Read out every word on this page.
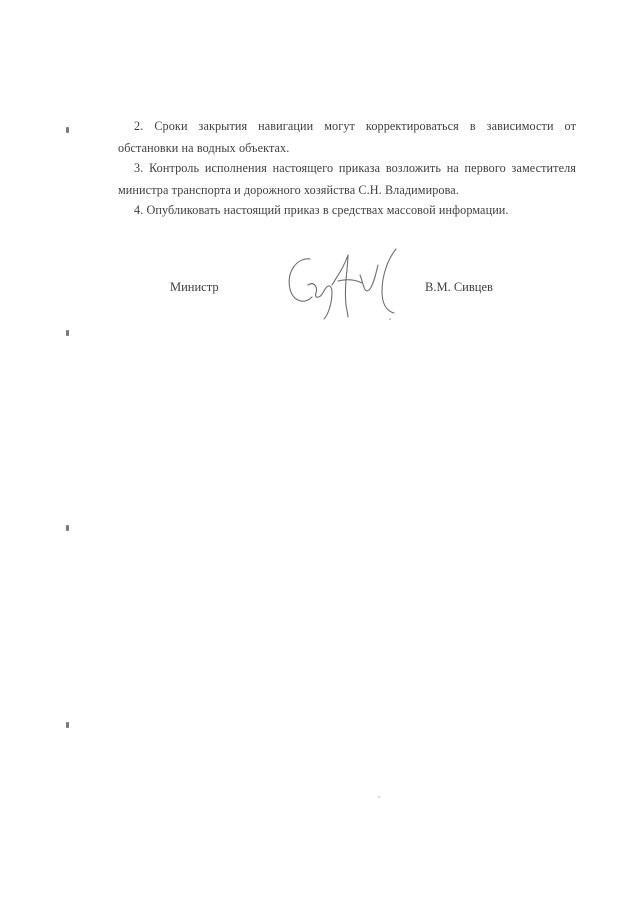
2. Сроки закрытия навигации могут корректироваться в зависимости от обстановки на водных объектах.
3. Контроль исполнения настоящего приказа возложить на первого заместителя министра транспорта и дорожного хозяйства С.Н. Владимирова.
4. Опубликовать настоящий приказ в средствах массовой информации.
Министр	В.М. Сивцев
